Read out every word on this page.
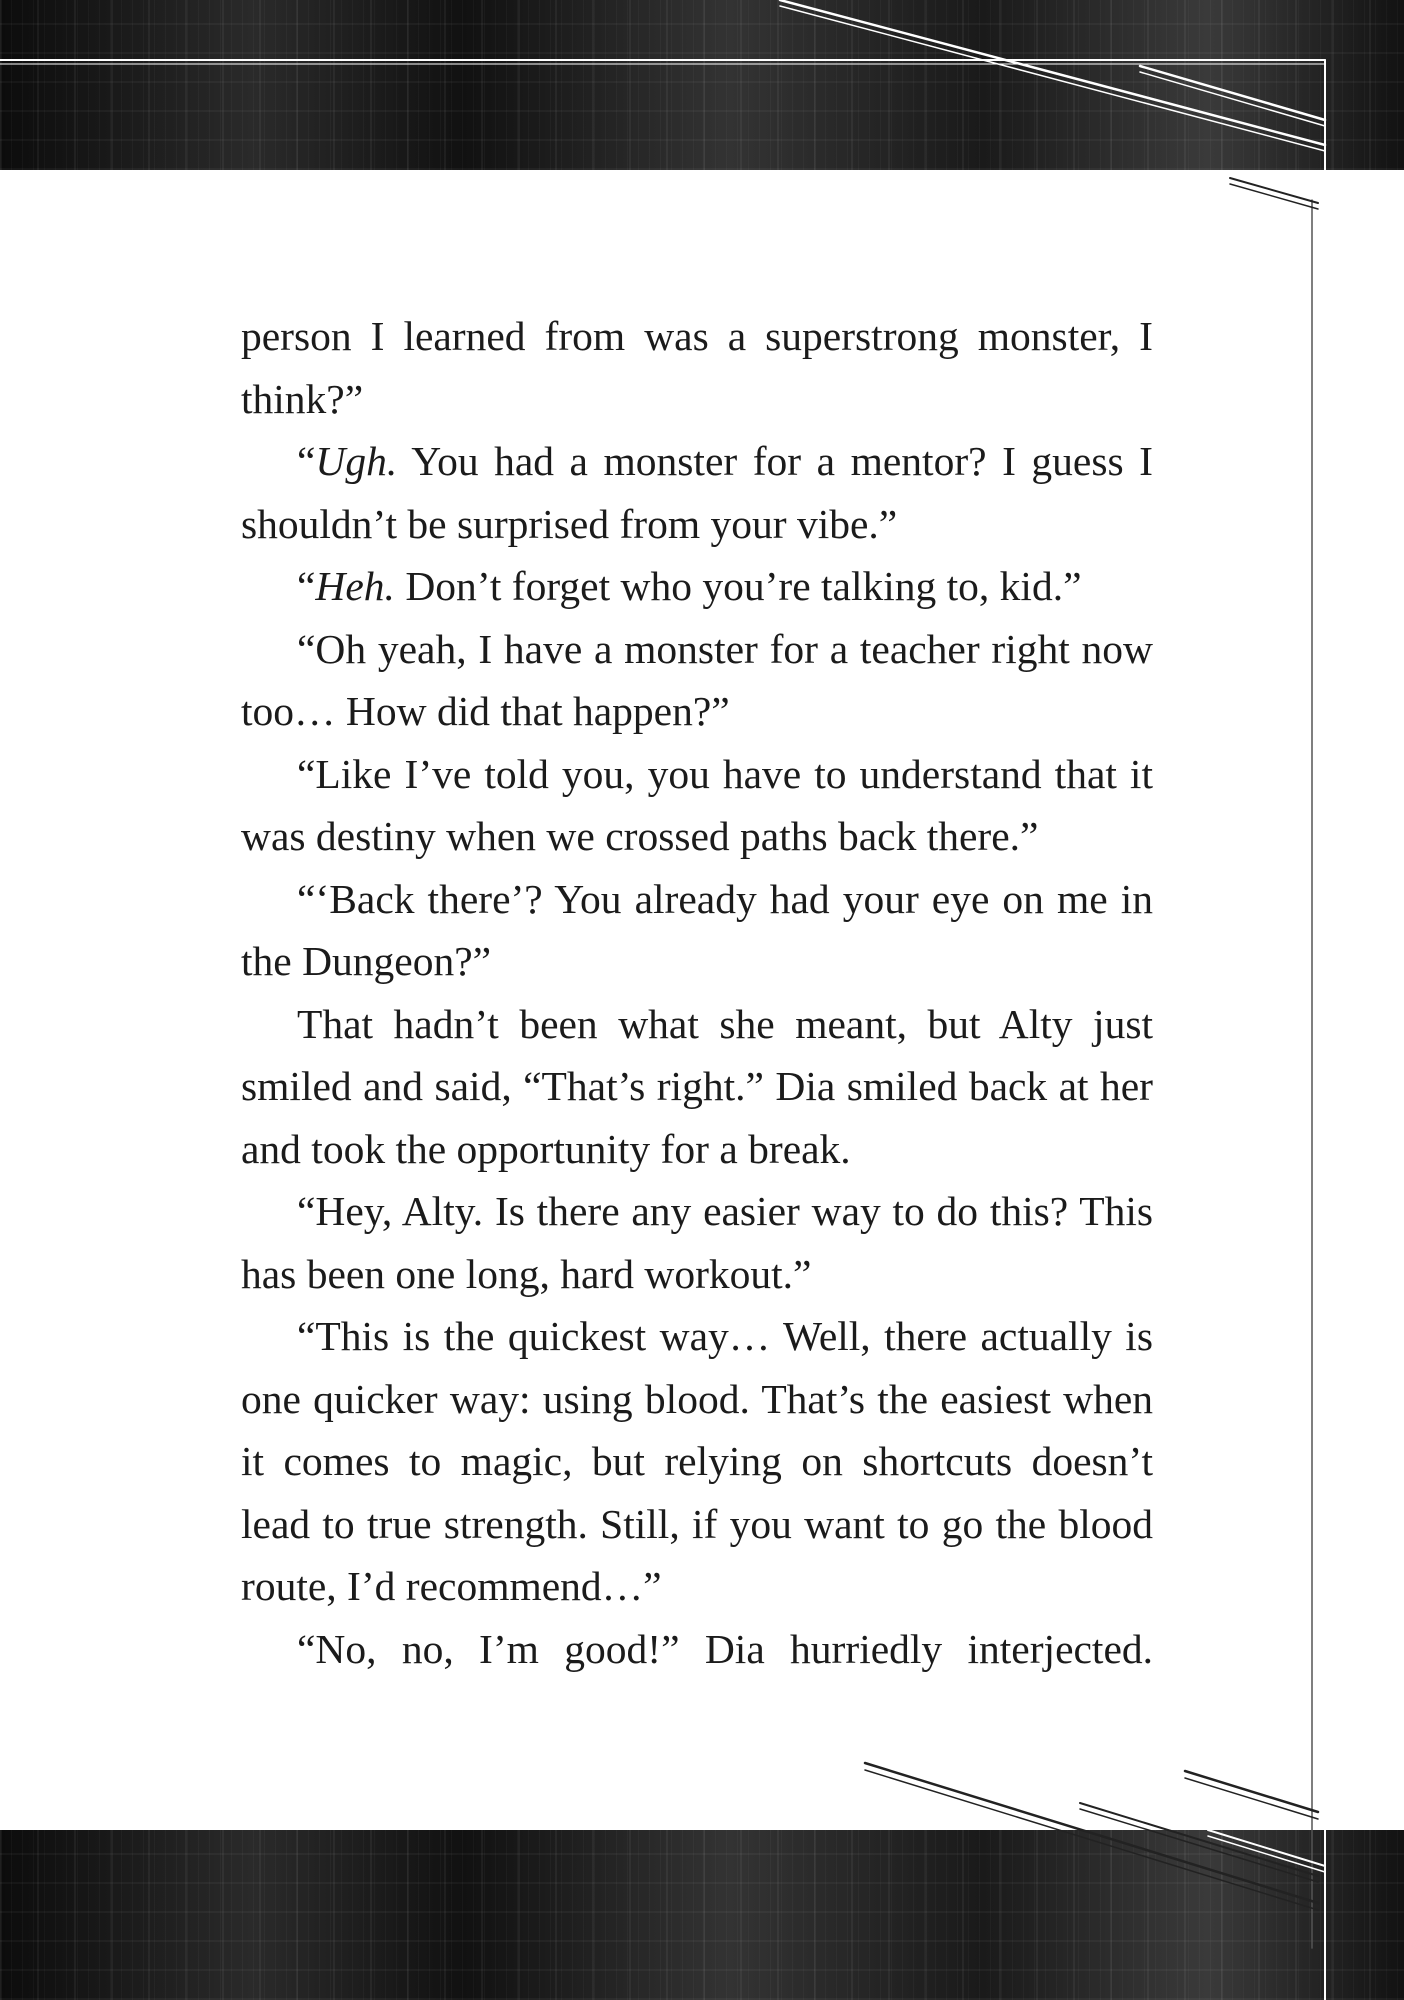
person I learned from was a superstrong monster, I think?”

“Ugh. You had a monster for a mentor? I guess I shouldn’t be surprised from your vibe.”

“Heh. Don’t forget who you’re talking to, kid.”

“Oh yeah, I have a monster for a teacher right now too… How did that happen?”

“Like I’ve told you, you have to understand that it was destiny when we crossed paths back there.”

“‘Back there’? You already had your eye on me in the Dungeon?”

That hadn’t been what she meant, but Alty just smiled and said, “That’s right.” Dia smiled back at her and took the opportunity for a break.

“Hey, Alty. Is there any easier way to do this? This has been one long, hard workout.”

“This is the quickest way… Well, there actually is one quicker way: using blood. That’s the easiest when it comes to magic, but relying on shortcuts doesn’t lead to true strength. Still, if you want to go the blood route, I’d recommend…”

“No, no, I’m good!” Dia hurriedly interjected.
